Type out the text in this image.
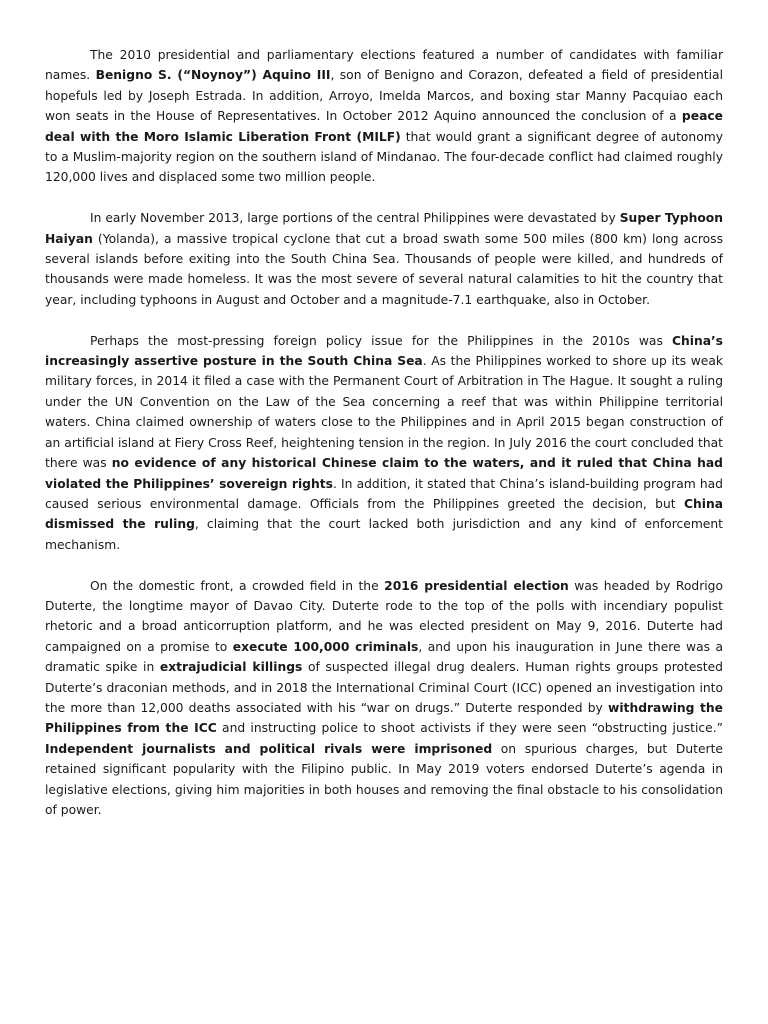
The 2010 presidential and parliamentary elections featured a number of candidates with familiar names. Benigno S. (“Noynoy”) Aquino III, son of Benigno and Corazon, defeated a field of presidential hopefuls led by Joseph Estrada. In addition, Arroyo, Imelda Marcos, and boxing star Manny Pacquiao each won seats in the House of Representatives. In October 2012 Aquino announced the conclusion of a peace deal with the Moro Islamic Liberation Front (MILF) that would grant a significant degree of autonomy to a Muslim-majority region on the southern island of Mindanao. The four-decade conflict had claimed roughly 120,000 lives and displaced some two million people.

In early November 2013, large portions of the central Philippines were devastated by Super Typhoon Haiyan (Yolanda), a massive tropical cyclone that cut a broad swath some 500 miles (800 km) long across several islands before exiting into the South China Sea. Thousands of people were killed, and hundreds of thousands were made homeless. It was the most severe of several natural calamities to hit the country that year, including typhoons in August and October and a magnitude-7.1 earthquake, also in October.

Perhaps the most-pressing foreign policy issue for the Philippines in the 2010s was China’s increasingly assertive posture in the South China Sea. As the Philippines worked to shore up its weak military forces, in 2014 it filed a case with the Permanent Court of Arbitration in The Hague. It sought a ruling under the UN Convention on the Law of the Sea concerning a reef that was within Philippine territorial waters. China claimed ownership of waters close to the Philippines and in April 2015 began construction of an artificial island at Fiery Cross Reef, heightening tension in the region. In July 2016 the court concluded that there was no evidence of any historical Chinese claim to the waters, and it ruled that China had violated the Philippines’ sovereign rights. In addition, it stated that China’s island-building program had caused serious environmental damage. Officials from the Philippines greeted the decision, but China dismissed the ruling, claiming that the court lacked both jurisdiction and any kind of enforcement mechanism.

On the domestic front, a crowded field in the 2016 presidential election was headed by Rodrigo Duterte, the longtime mayor of Davao City. Duterte rode to the top of the polls with incendiary populist rhetoric and a broad anticorruption platform, and he was elected president on May 9, 2016. Duterte had campaigned on a promise to execute 100,000 criminals, and upon his inauguration in June there was a dramatic spike in extrajudicial killings of suspected illegal drug dealers. Human rights groups protested Duterte’s draconian methods, and in 2018 the International Criminal Court (ICC) opened an investigation into the more than 12,000 deaths associated with his “war on drugs.” Duterte responded by withdrawing the Philippines from the ICC and instructing police to shoot activists if they were seen “obstructing justice.” Independent journalists and political rivals were imprisoned on spurious charges, but Duterte retained significant popularity with the Filipino public. In May 2019 voters endorsed Duterte’s agenda in legislative elections, giving him majorities in both houses and removing the final obstacle to his consolidation of power.
